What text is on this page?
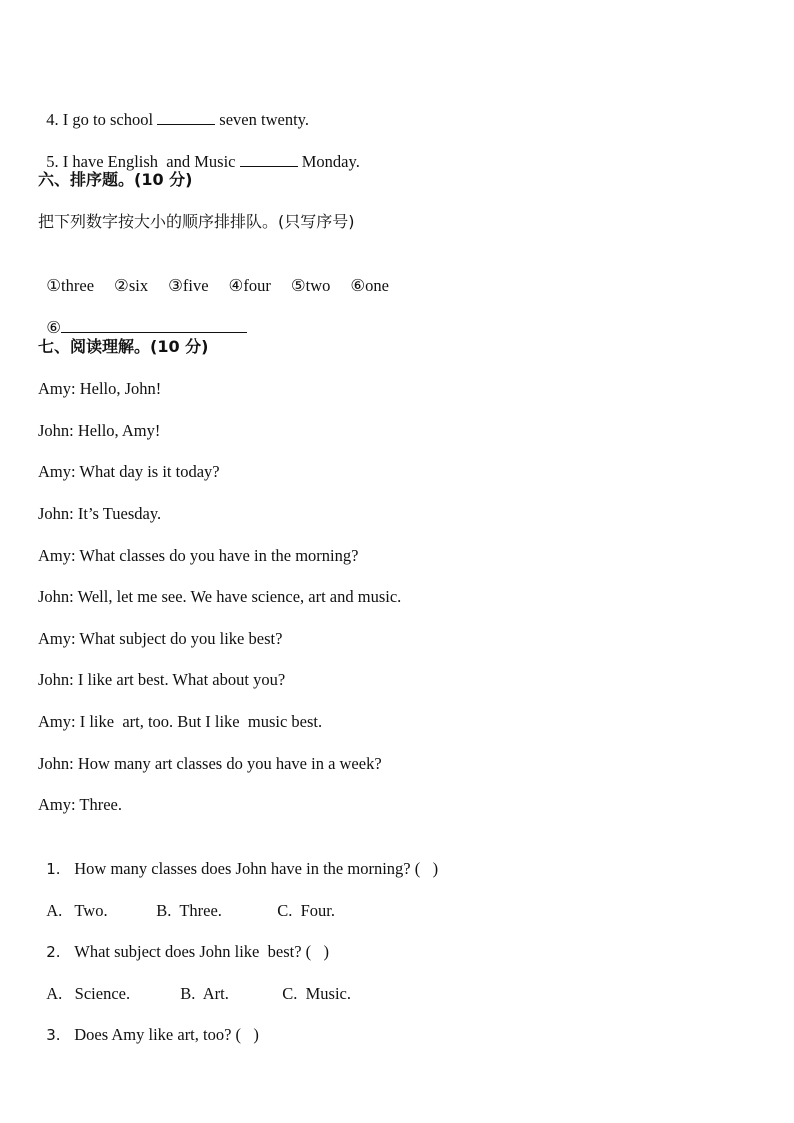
4. I go to school	seven twenty.

5. I have English  and Music	Monday.

六、排序题。(10 分)
把下列数字按大小的顺序排排队。(只写序号)

①three ②six ③five ④four ⑤two ⑥one

⑥

七、阅读理解。(10 分)
Amy: Hello, John!
John: Hello, Amy!
Amy: What day is it today?
John: It’s Tuesday.
Amy: What classes do you have in the morning?
John: Well, let me see. We have science, art and music.
Amy: What subject do you like best?
John: I like art best. What about you?
Amy: I like  art, too. But I like  music best.
John: How many art classes do you have in a week?
Amy: Three.

1. How many classes does John have in the morning? (   )

A.   Two.	B.  Three.	C.  Four.

2. What subject does John like  best? (   )

A.   Science.	B.  Art.	C.  Music.

3. Does Amy like art, too? (   )
